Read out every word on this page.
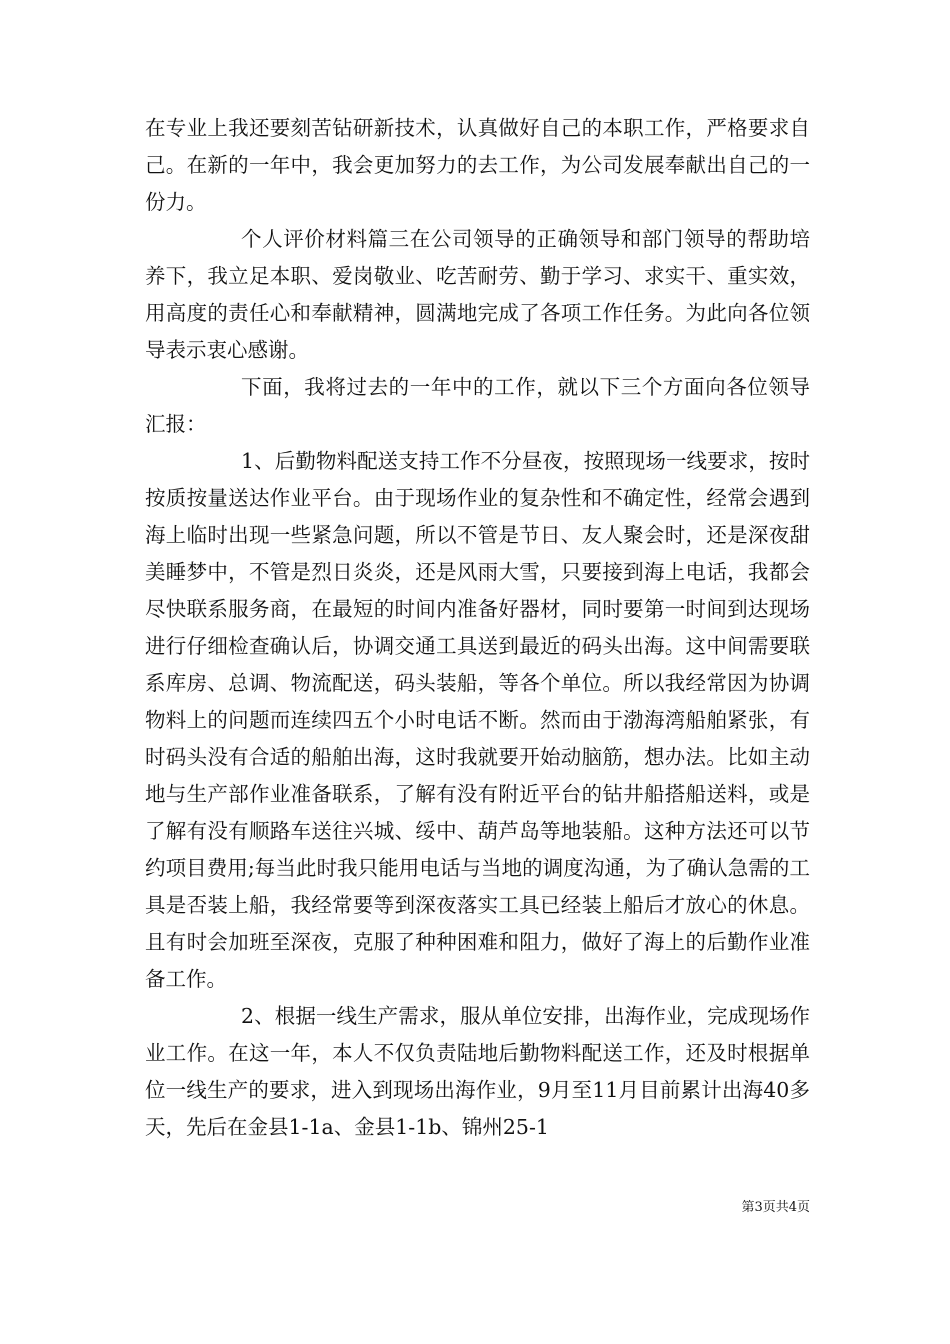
在专业上我还要刻苦钻研新技术，认真做好自己的本职工作，严格要求自己。在新的一年中，我会更加努力的去工作，为公司发展奉献出自己的一份力。

个人评价材料篇三在公司领导的正确领导和部门领导的帮助培养下，我立足本职、爱岗敬业、吃苦耐劳、勤于学习、求实干、重实效，用高度的责任心和奉献精神，圆满地完成了各项工作任务。为此向各位领导表示衷心感谢。

下面，我将过去的一年中的工作，就以下三个方面向各位领导汇报：

1、后勤物料配送支持工作不分昼夜，按照现场一线要求，按时按质按量送达作业平台。由于现场作业的复杂性和不确定性，经常会遇到海上临时出现一些紧急问题，所以不管是节日、友人聚会时，还是深夜甜美睡梦中，不管是烈日炎炎，还是风雨大雪，只要接到海上电话，我都会尽快联系服务商，在最短的时间内准备好器材，同时要第一时间到达现场进行仔细检查确认后，协调交通工具送到最近的码头出海。这中间需要联系库房、总调、物流配送，码头装船，等各个单位。所以我经常因为协调物料上的问题而连续四五个小时电话不断。然而由于渤海湾船舶紧张，有时码头没有合适的船舶出海，这时我就要开始动脑筋，想办法。比如主动地与生产部作业准备联系，了解有没有附近平台的钻井船搭船送料，或是了解有没有顺路车送往兴城、绥中、葫芦岛等地装船。这种方法还可以节约项目费用;每当此时我只能用电话与当地的调度沟通，为了确认急需的工具是否装上船，我经常要等到深夜落实工具已经装上船后才放心的休息。且有时会加班至深夜，克服了种种困难和阻力，做好了海上的后勤作业准备工作。

2、根据一线生产需求，服从单位安排，出海作业，完成现场作业工作。在这一年，本人不仅负责陆地后勤物料配送工作，还及时根据单位一线生产的要求，进入到现场出海作业，9月至11月目前累计出海40多天，先后在金县1-1a、金县1-1b、锦州25-1

第3页共4页
